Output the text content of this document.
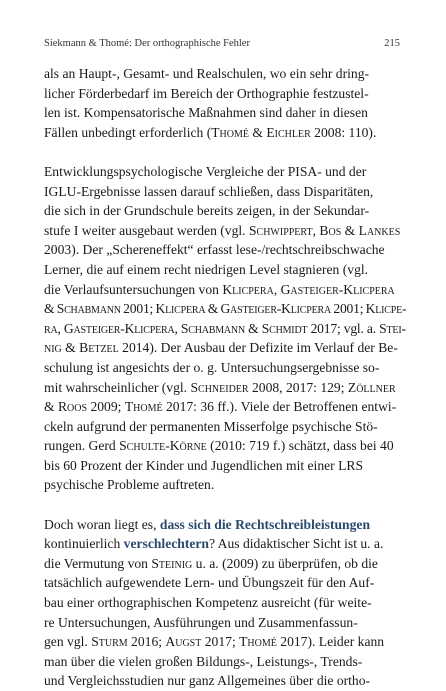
Siekmann & Thomé: Der orthographische Fehler	215

als an Haupt-, Gesamt- und Realschulen, wo ein sehr dring-
licher Förderbedarf im Bereich der Orthographie festzustel-
len ist. Kompensatorische Maßnahmen sind daher in diesen
Fällen unbedingt erforderlich (Thomé & Eichler 2008: 110).

Entwicklungspsychologische Vergleiche der PISA- und der
IGLU-Ergebnisse lassen darauf schließen, dass Disparitäten,
die sich in der Grundschule bereits zeigen, in der Sekundar-
stufe I weiter ausgebaut werden (vgl. Schwippert, Bos & Lankes
2003). Der „Schereneffekt“ erfasst lese-/rechtschreibschwache
Lerner, die auf einem recht niedrigen Level stagnieren (vgl.
die Verlaufsuntersuchungen von Klicpera, Gasteiger-Klicpera
& Schabmann 2001; Klicpera & Gasteiger-Klicpera 2001; Klicpe-
ra, Gasteiger-Klicpera, Schabmann & Schmidt 2017; vgl. a. Stei-
nig & Betzel 2014). Der Ausbau der Defizite im Verlauf der Be-
schulung ist angesichts der o. g. Untersuchungsergebnisse so-
mit wahrscheinlicher (vgl. Schneider 2008, 2017: 129; Zöllner
& Roos 2009; Thomé 2017: 36 ff.). Viele der Betroffenen entwi-
ckeln aufgrund der permanenten Misserfolge psychische Stö-
rungen. Gerd Schulte-Körne (2010: 719 f.) schätzt, dass bei 40
bis 60 Prozent der Kinder und Jugendlichen mit einer LRS
psychische Probleme auftreten.

Doch woran liegt es, dass sich die Rechtschreibleistungen
kontinuierlich verschlechtern? Aus didaktischer Sicht ist u. a.
die Vermutung von Steinig u. a. (2009) zu überprüfen, ob die
tatsächlich aufgewendete Lern- und Übungszeit für den Auf-
bau einer orthographischen Kompetenz ausreicht (für weite-
re Untersuchungen, Ausführungen und Zusammenfassun-
gen vgl. Sturm 2016; Augst 2017; Thomé 2017). Leider kann
man über die vielen großen Bildungs-, Leistungs-, Trends-
und Vergleichsstudien nur ganz Allgemeines über die ortho-
